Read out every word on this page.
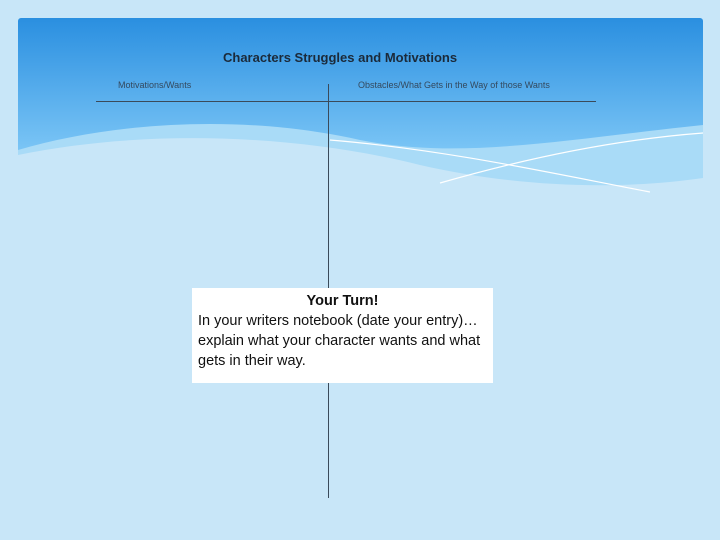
Characters Struggles and Motivations
Motivations/Wants	Obstacles/What Gets in the Way of those Wants
Your Turn!
In your writers notebook (date your entry)…explain what your character wants and what gets in their way.
